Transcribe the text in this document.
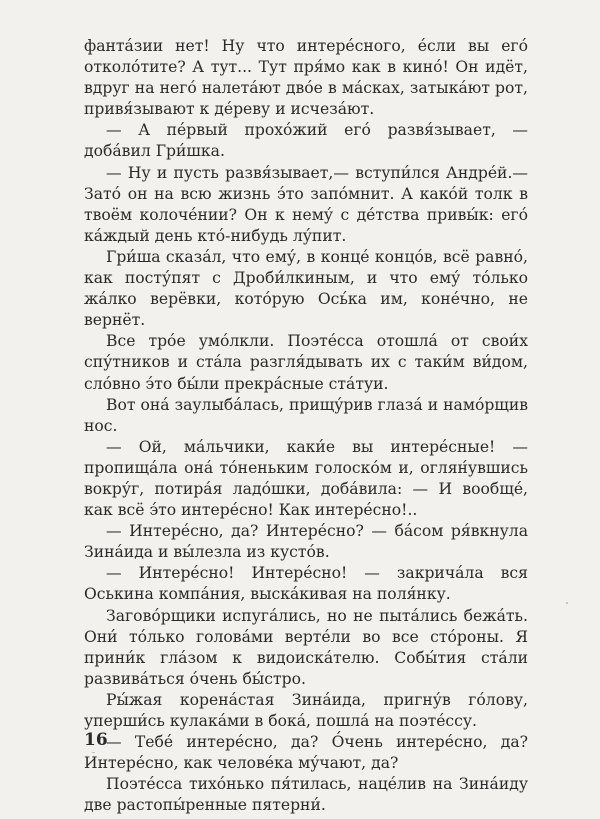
фанта́зии нет! Ну что интере́сного, е́сли вы его́ отколо́тите? А тут... Тут пря́мо как в кино́! Он идёт, вдруг на него́ налета́ют дво́е в ма́сках, затыка́ют рот, привя́зывают к де́реву и исчеза́ют.

— А пе́рвый прохо́жий его́ развя́зывает, — доба́вил Гри́шка.

— Ну и пусть развя́зывает,— вступи́лся Андре́й.— Зато́ он на всю жизнь э́то запо́мнит. А како́й толк в твоём колоче́нии? Он к нему́ с де́тства привы́к: его́ ка́ждый день кто́-нибудь лу́пит.

Гри́ша сказа́л, что ему́, в конце́ концо́в, всё равно́, как посту́пят с Дроби́лкиным, и что ему́ то́лько жа́лко верёвки, кото́рую Ось́ка им, коне́чно, не вернёт.

Все тро́е умо́лкли. Поэте́сса отошла́ от свои́х спу́тников и ста́ла разгля́дывать их с таки́м ви́дом, сло́вно э́то бы́ли прекра́сные ста́туи.

Вот она́ заулыба́лась, прищу́рив глаза́ и намо́рщив нос.

— Ой, ма́льчики, каки́е вы интере́сные! — пропища́ла она́ то́неньким голоско́м и, оглян́увшись вокру́г, потира́я ладо́шки, доба́вила: — И вообще́, как всё э́то интере́сно! Как интере́сно!..

— Интере́сно, да? Интере́сно? — ба́сом ря́вкнула Зина́ида и вы́лезла из кусто́в.

— Интере́сно! Интере́сно! — закрича́ла вся Оськина компа́ния, выска́кивая на поля́нку.

Загово́рщики испуга́лись, но не пыта́лись бежа́ть. Они́ то́лько голова́ми верте́ли во все сто́роны. Я прини́к гла́зом к видоиска́телю. Собы́тия ста́ли развива́ться о́чень бы́стро.

Ры́жая корена́стая Зина́ида, пригну́в го́лову, уперши́сь кулака́ми в бока́, пошла́ на поэте́ссу.

— Тебе́ интере́сно, да? О́чень интере́сно, да? Интере́сно, как челове́ка му́чают, да?

Поэте́сса тихо́нько пя́тилась, наце́лив на Зина́иду две растопы́ренные пятерни́.

16
